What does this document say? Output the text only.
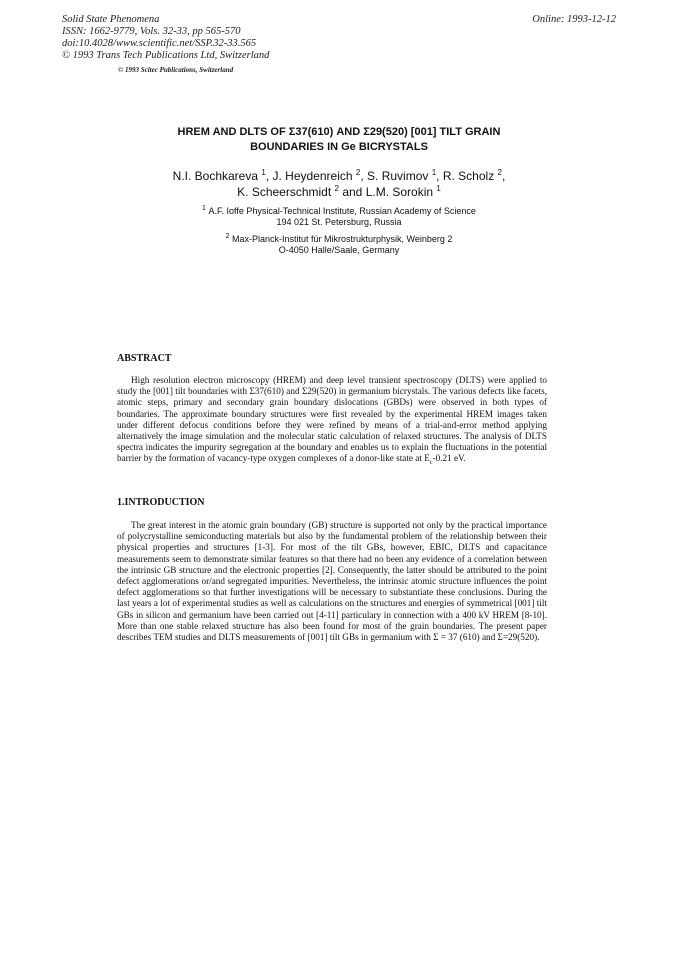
Solid State Phenomena
ISSN: 1662-9779, Vols. 32-33, pp 565-570
doi:10.4028/www.scientific.net/SSP.32-33.565
© 1993 Trans Tech Publications Ltd, Switzerland
Online: 1993-12-12
© 1993 Scitec Publications, Switzerland
HREM AND DLTS OF Σ37(610) AND Σ29(520) [001] TILT GRAIN
BOUNDARIES IN Ge BICRYSTALS
N.I. Bochkareva $^1$, J. Heydenreich $^2$, S. Ruvimov $^1$, R. Scholz $^2$,
K. Scheerschmidt $^2$ and L.M. Sorokin $^1$
$^1$ A.F. Ioffe Physical-Technical Institute, Russian Academy of Science
194 021 St. Petersburg, Russia
$^2$ Max-Planck-Institut für Mikrostrukturphysik, Weinberg 2
O-4050 Halle/Saale, Germany
ABSTRACT

High resolution electron microscopy (HREM) and deep level transient spectroscopy (DLTS) were applied to study the [001] tilt boundaries with Σ37(610) and Σ29(520) in germanium bicrystals. The various defects like facets, atomic steps, primary and secondary grain boundary dislocations (GBDs) were observed in both types of boundaries. The approximate boundary structures were first revealed by the experimental HREM images taken under different defocus conditions before they were refined by means of a trial-and-error method applying alternatively the image simulation and the molecular static calculation of relaxed structures. The analysis of DLTS spectra indicates the impurity segregation at the boundary and enables us to explain the fluctuations in the potential barrier by the formation of vacancy-type oxygen complexes of a donor-like state at $E_c-0.21$ eV.

1.INTRODUCTION

The great interest in the atomic grain boundary (GB) structure is supported not only by the practical importance of polycrystalline semiconducting materials but also by the fundamental problem of the relationship between their physical properties and structures [1-3]. For most of the tilt GBs, however, EBIC, DLTS and capacitance measurements seem to demonstrate similar features so that there had no been any evidence of a correlation between the intrinsic GB structure and the electronic properties [2]. Consequently, the latter should be attributed to the point defect agglomerations or/and segregated impurities. Nevertheless, the intrinsic atomic structure influences the point defect agglomerations so that further investigations will be necessary to substantiate these conclusions. During the last years a lot of experimental studies as well as calculations on the structures and energies of symmetrical [001] tilt GBs in silicon and germanium have been carried out [4-11] particulary in connection with a 400 kV HREM [8-10]. More than one stable relaxed structure has also been found for most of the grain boundaries. The present paper describes TEM studies and DLTS measurements of [001] tilt GBs in germanium with Σ = 37 (610) and Σ=29(520).
